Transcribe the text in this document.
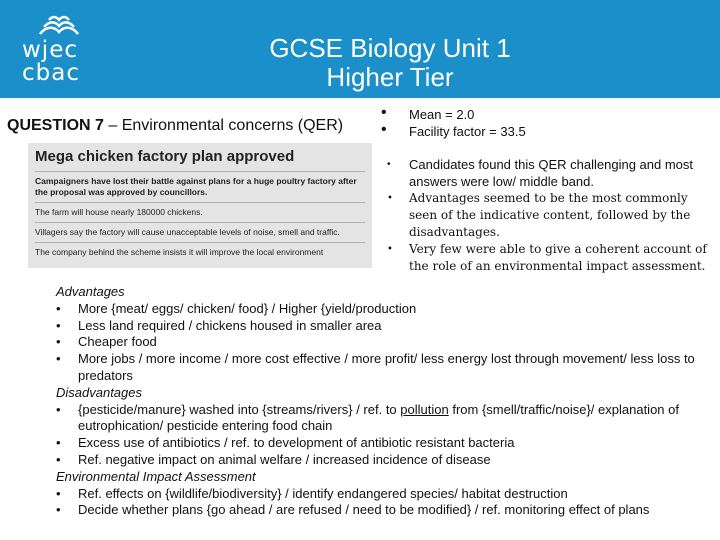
wjec
cbac
GCSE Biology Unit 1
Higher Tier
QUESTION 7 – Environmental concerns (QER)
• Mean = 2.0
• Facility factor = 33.5
Mega chicken factory plan approved
Campaigners have lost their battle against plans for a huge poultry factory after the proposal was approved by councillors.
The farm will house nearly 180000 chickens.
Villagers say the factory will cause unacceptable levels of noise, smell and traffic.
The company behind the scheme insists it will improve the local environment
• Candidates found this QER challenging and most answers were low/ middle band.
• Advantages seemed to be the most commonly seen of the indicative content, followed by the disadvantages.
• Very few were able to give a coherent account of the role of an environmental impact assessment.
Advantages
• More {meat/ eggs/ chicken/ food} / Higher {yield/production
• Less land required / chickens housed in smaller area
• Cheaper food
• More jobs / more income / more cost effective / more profit/ less energy lost through movement/ less loss to predators
Disadvantages
• {pesticide/manure} washed into {streams/rivers} / ref. to pollution from {smell/traffic/noise}/ explanation of eutrophication/ pesticide entering food chain
• Excess use of antibiotics / ref. to development of antibiotic resistant bacteria
• Ref. negative impact on animal welfare / increased incidence of disease
Environmental Impact Assessment
• Ref. effects on {wildlife/biodiversity} / identify endangered species/ habitat destruction
• Decide whether plans {go ahead / are refused / need to be modified} / ref. monitoring effect of plans
